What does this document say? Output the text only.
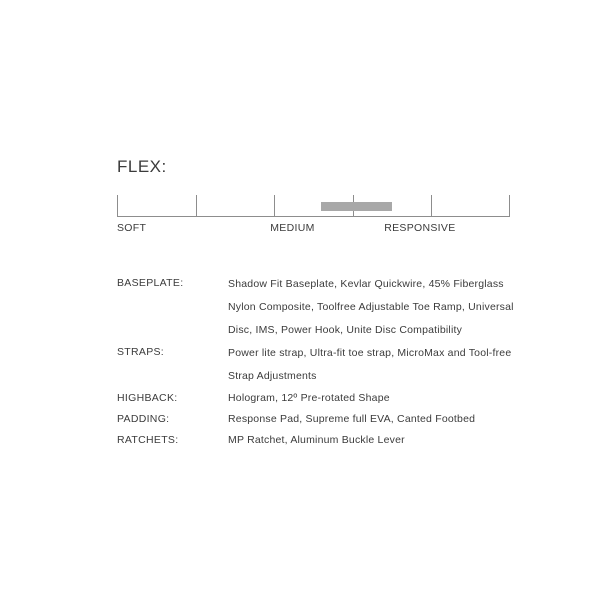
FLEX:
SOFT	MEDIUM	RESPONSIVE
BASEPLATE:	Shadow Fit Baseplate, Kevlar Quickwire, 45% Fiberglass Nylon Composite, Toolfree Adjustable Toe Ramp, Universal Disc, IMS, Power Hook, Unite Disc Compatibility
STRAPS:	Power lite strap, Ultra-fit toe strap, MicroMax and Tool-free Strap Adjustments
HIGHBACK:	Hologram, 12º Pre-rotated Shape
PADDING:	Response Pad, Supreme full EVA, Canted Footbed
RATCHETS:	MP Ratchet, Aluminum Buckle Lever
